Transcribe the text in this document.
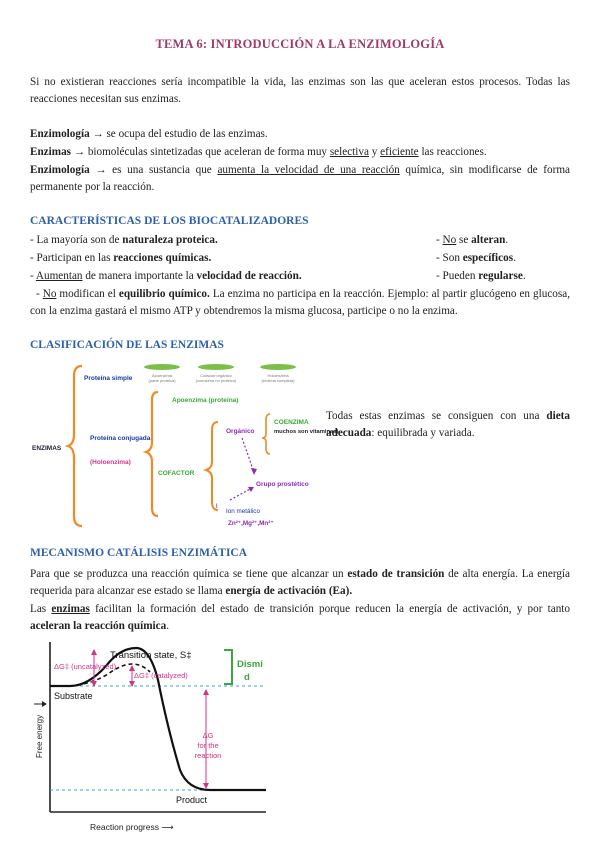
TEMA 6: INTRODUCCIÓN A LA ENZIMOLOGÍA
Si no existieran reacciones sería incompatible la vida, las enzimas son las que aceleran estos procesos. Todas las reacciones necesitan sus enzimas.
Enzimología → se ocupa del estudio de las enzimas.
Enzimas → biomoléculas sintetizadas que aceleran de forma muy selectiva y eficiente las reacciones.
Enzimología → es una sustancia que aumenta la velocidad de una reacción química, sin modificarse de forma permanente por la reacción.
CARACTERÍSTICAS DE LOS BIOCATALIZADORES
- La mayoría son de naturaleza proteica.
- Participan en las reacciones químicas.
- Aumentan de manera importante la velocidad de reacción.
- No se alteran.
- Son específicos.
- Pueden regularse.
- No modifican el equilibrio químico. La enzima no participa en la reacción. Ejemplo: al partir glucógeno en glucosa, con la enzima gastará el mismo ATP y obtendremos la misma glucosa, participe o no la enzima.
CLASIFICACIÓN DE LAS ENZIMAS
Apoenzima
(parte proteica)
Cofactor orgánico
(coenzima no proteico)
Holoenzima
(enzima completa)
ENZIMAS
Proteína simple
Proteína conjugada
(Holoenzima)
Apoenzima (proteína)
COFACTOR
Orgánico
COENZIMA
muchos son vitaminas)
Grupo prostético
I
Ion metálico
Zn²⁺,Mg²⁺,Mn²⁺
Todas estas enzimas se consiguen con una dieta adecuada: equilibrada y variada.
MECANISMO CATÁLISIS ENZIMÁTICA
Para que se produzca una reacción química se tiene que alcanzar un estado de transición de alta energía. La energía requerida para alcanzar ese estado se llama energía de activación (Ea).
Las enzimas facilitan la formación del estado de transición porque reducen la energía de activación, y por tanto aceleran la reacción química.
Free energy
Reaction progress ⟶
Transition state, S‡
ΔG‡ (uncatalyzed)
ΔG‡ (catalyzed)
Dismi
d
Substrate
ΔG
for the
reaction
Product
